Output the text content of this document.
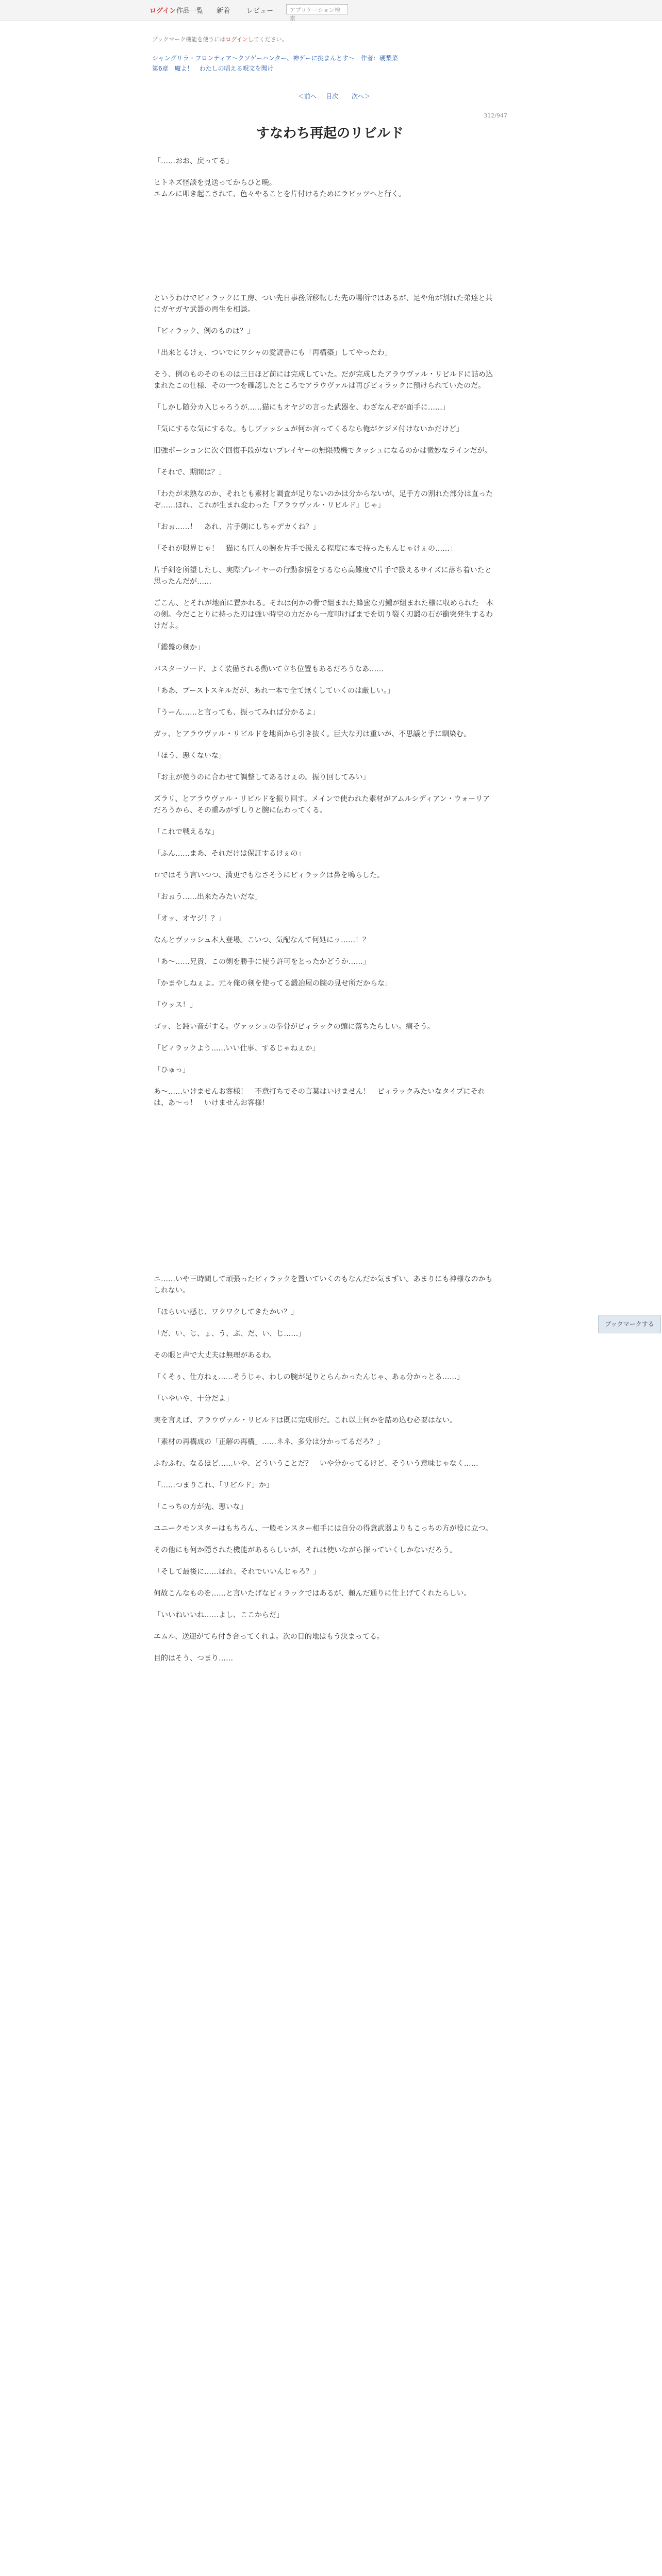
ログイン 作品一覧 新着 レビュー	アプリケーション検索
ブックマーク機能を使うにはログインしてください。
シャングリラ・フロンティア〜クソゲーハンター、神ゲーに挑まんとす〜　作者：硬梨菜
第6章　魔よ！　わたしの唱える呪文を聞け
＜前へ 目次 次へ＞
312/947
すなわち再起のリビルド

「……おお、戻ってる」

ヒトネズ怪談を見送ってからひと晩。
エムルに叩き起こされて、色々やることを片付けるためにラビッツへと行く。

というわけでビィラックに工房、つい先日事務所移転した先の場所ではあるが、足や角が割れた弟達と共にガヤガヤ武器の再生を相談。

「ビィラック、例のものは？」

「出来とるけぇ、ついでにワシャの愛読書にも「再構築」してやったわ」

そう、例のものそのものは三日ほど前には完成していた。だが完成したアラウヴァル・リビルドに詰め込まれたこの仕様、その一つを確認したところでアラウヴァルは再びビィラックに預けられていたのだ。

「しかし随分カ入じゃろうが……猫にもオヤジの言った武器を、わざなんぞが面手に……」

「気にするな気にするな。もしブァッシュが何か言ってくるなら俺がケジメ付けないかだけど」

旧強ポーションに次ぐ回復手段がないプレイヤーの無限残機でタッシュになるのかは微妙なラインだが。

「それで、期間は？」

「わたが未熟なのか、それとも素材と調査が足りないのかは分からないが、足手方の割れた部分は直ったぞ……ほれ、これが生まれ変わった「アラウヴァル・リビルド」じゃ」

「おぉ……！　あれ、片手剣にしちゃデカくね？」

「それが限界じゃ！　猫にも巨人の腕を片手で扱える程度に本で持ったもんじゃけぇの……」

片手剣を所望したし、実際プレイヤーの行動参照をするなら高難度で片手で扱えるサイズに落ち着いたと思ったんだが……

ごこん、とそれが地面に置かれる。それは何かの骨で組まれた蜂蜜な刃鍾が組まれた様に収められた一本の剣。今だことりに持った刃は強い時空の力だから一度叩けばまでを切り裂く刃鍛の石が衝突発生するわけだよ。

「鑑盤の剣か」

バスターソード、よく装備される動いて立ち位置もあるだろうなあ……

「ああ、ブーストスキルだが、あれ一本で全て無くしていくのは厳しい。」

「うーん……と言っても、振ってみれば分かるよ」

ガッ、とアラウヴァル・リビルドを地面から引き抜く。巨大な刃は重いが、不思議と手に馴染む。

「ほう、悪くないな」

「お主が使うのに合わせて調整してあるけぇの。振り回してみい」

ズラリ、とアラウヴァル・リビルドを振り回す。メインで使われた素材がアムルシディアン・ウォーリアだろうから、その重みがずしりと腕に伝わってくる。

「これで戦えるな」

「ふん……まあ、それだけは保証するけぇの」

ロではそう言いつつ、満更でもなさそうにビィラックは鼻を鳴らした。

「おぉう……出来たみたいだな」

「オッ、オヤジ！？」

なんとヴァッシュ本人登場。こいつ、気配なんて何処にッ……！？

「あ〜……兄貴、この剣を勝手に使う許可をとったかどうか……」

「かまやしねぇよ。元々俺の剣を使ってる鍛冶屋の腕の見せ所だからな」

「ウッス！」

ゴッ、と鈍い音がする。ヴァッシュの拳骨がビィラックの頭に落ちたらしい。痛そう。

「ビィラックよう……いい仕事、するじゃねぇか」

「ひゅっ」

あ〜……いけませんお客様！　不意打ちでその言葉はいけません！　ビィラックみたいなタイプにそれは、あ〜っ！　いけませんお客様！

ニ……いや三時間して頑張ったビィラックを置いていくのもなんだか気まずい。あまりにも神様なのかもしれない。

「ほらいい感じ、ワクワクしてきたかい？」

「だ、い、じ、ょ、う、ぶ、だ、い、じ……」

その眼と声で大丈夫は無理があるわ。

「くそぅ、仕方ねぇ……そうじゃ、わしの腕が足りとらんかったんじゃ、あぁ分かっとる……」

「いやいや、十分だよ」

実を言えば、アラウヴァル・リビルドは既に完成形だ。これ以上何かを詰め込む必要はない。

「素材の再構成の「正解の再構」……ネネ、多分は分かってるだろ？」

ふむふむ、なるほど……いや、どういうことだ？　いや分かってるけど、そういう意味じゃなく……

「……つまりこれ、「リビルド」か」

「こっちの方が先、悪いな」

ユニークモンスターはもちろん、一般モンスター相手には自分の得意武器よりもこっちの方が役に立つ。

その他にも何か隠された機能があるらしいが、それは使いながら探っていくしかないだろう。

「そして最後に……ほれ、それでいいんじゃろ？」

何故こんなものを……と言いたげなビィラックではあるが、頼んだ通りに仕上げてくれたらしい。

「いいねいいね……よし、ここからだ」

エムル、送迎がてら付き合ってくれよ。次の目的地はもう決まってる。

目的はそう、つまり……

ブックマークする
